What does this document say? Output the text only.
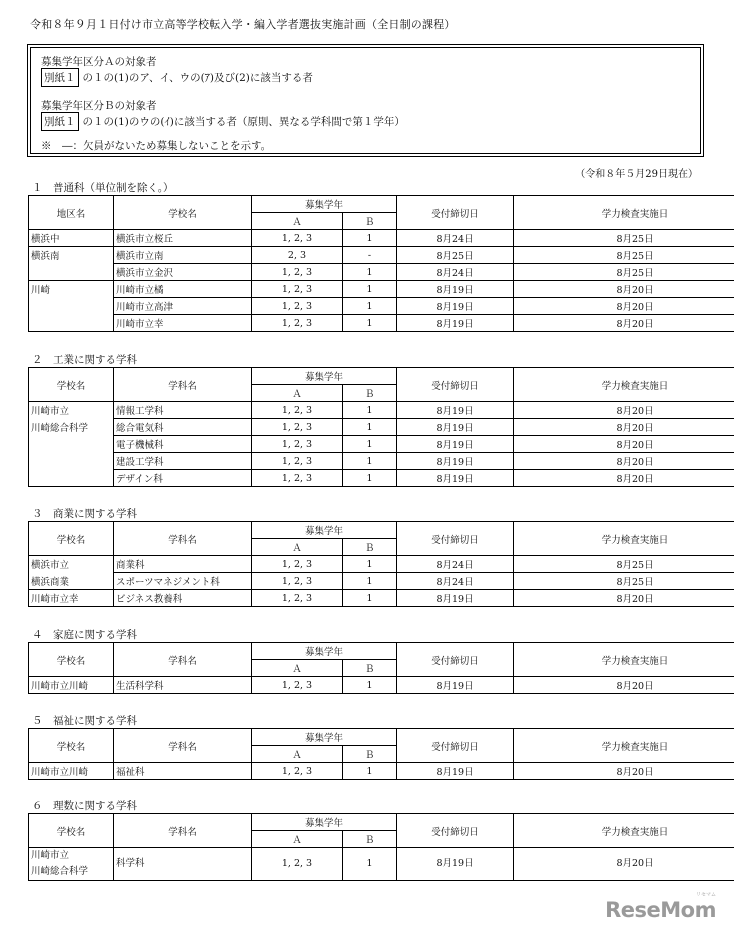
令和８年９月１日付け市立高等学校転入学・編入学者選抜実施計画（全日制の課程）
募集学年区分Ａの対象者
別紙１ の１の(1)のア、イ、ウの(ｱ)及び(2)に該当する者
募集学年区分Ｂの対象者
別紙１ の１の(1)のウの(ｲ)に該当する者（原則、異なる学科間で第１学年）
※　―：欠員がないため募集しないことを示す。
（令和８年５月29日現在）
１　普通科（単位制を除く。）
地区名	学校名	募集学年		受付締切日	学力検査実施日
		Ａ	Ｂ		
横浜中	横浜市立桜丘	1, 2, 3	1	8月24日	8月25日
横浜南	横浜市立南	2, 3	-	8月25日	8月25日
	横浜市立金沢	1, 2, 3	1	8月24日	8月25日
川崎	川崎市立橘	1, 2, 3	1	8月19日	8月20日
	川崎市立高津	1, 2, 3	1	8月19日	8月20日
	川崎市立幸	1, 2, 3	1	8月19日	8月20日
２　工業に関する学科
学校名	学科名	募集学年		受付締切日	学力検査実施日
		Ａ	Ｂ		
川崎市立	情報工学科	1, 2, 3	1	8月19日	8月20日
川崎総合科学	総合電気科	1, 2, 3	1	8月19日	8月20日
	電子機械科	1, 2, 3	1	8月19日	8月20日
	建設工学科	1, 2, 3	1	8月19日	8月20日
	デザイン科	1, 2, 3	1	8月19日	8月20日
３　商業に関する学科
学校名	学科名	募集学年		受付締切日	学力検査実施日
		Ａ	Ｂ		
横浜市立	商業科	1, 2, 3	1	8月24日	8月25日
横浜商業	スポーツマネジメント科	1, 2, 3	1	8月24日	8月25日
川崎市立幸	ビジネス教養科	1, 2, 3	1	8月19日	8月20日
４　家庭に関する学科
学校名	学科名	募集学年		受付締切日	学力検査実施日
		Ａ	Ｂ		
川崎市立川崎	生活科学科	1, 2, 3	1	8月19日	8月20日
５　福祉に関する学科
学校名	学科名	募集学年		受付締切日	学力検査実施日
		Ａ	Ｂ		
川崎市立川崎	福祉科	1, 2, 3	1	8月19日	8月20日
６　理数に関する学科
学校名	学科名	募集学年		受付締切日	学力検査実施日
		Ａ	Ｂ		

川崎市立
川崎総合科学	科学科	1, 2, 3	1	8月19日	8月20日
リセマム
ReseMom
